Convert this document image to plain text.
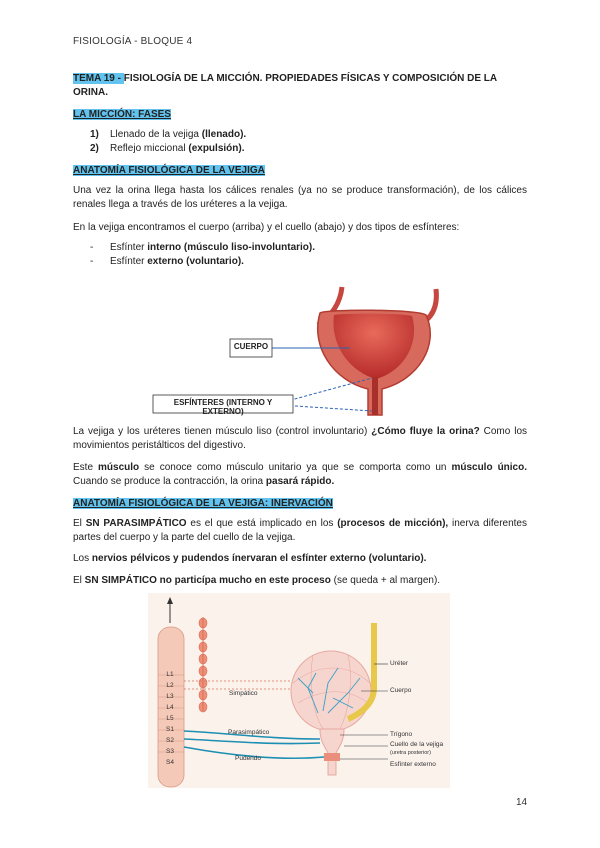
FISIOLOGÍA - BLOQUE 4
TEMA 19 - FISIOLOGÍA DE LA MICCIÓN. PROPIEDADES FÍSICAS Y COMPOSICIÓN DE LA ORINA.
LA MICCIÓN: FASES
1) Llenado de la vejiga (llenado).
2) Reflejo miccional (expulsión).
ANATOMÍA FISIOLÓGICA DE LA VEJIGA
Una vez la orina llega hasta los cálices renales (ya no se produce transformación), de los cálices renales llega a través de los uréteres a la vejiga.
En la vejiga encontramos el cuerpo (arriba) y el cuello (abajo) y dos tipos de esfínteres:
- Esfínter interno (músculo liso-involuntario).
- Esfínter externo (voluntario).
CUERPO
ESFÍNTERES (INTERNO Y EXTERNO)
La vejiga y los uréteres tienen músculo liso (control involuntario) ¿Cómo fluye la orina? Como los movimientos peristálticos del digestivo.
Este músculo se conoce como músculo unitario ya que se comporta como un músculo único. Cuando se produce la contracción, la orina pasará rápido.
ANATOMÍA FISIOLÓGICA DE LA VEJIGA: INERVACIÓN
El SN PARASIMPÁTICO es el que está implicado en los (procesos de micción), inerva diferentes partes del cuerpo y la parte del cuello de la vejiga.
Los nervios pélvicos y pudendos ínervaran el esfínter externo (voluntario).
El SN SIMPÁTICO no particípa mucho en este proceso (se queda + al margen).
L1
L2
L3
L4
L5
S1
S2
S3
S4
Simpático
Parasimpático
Pudendo
Uréter
Cuerpo
Trígono
Cuello de la vejiga
(uretra posterior)
Esfínter externo
14
